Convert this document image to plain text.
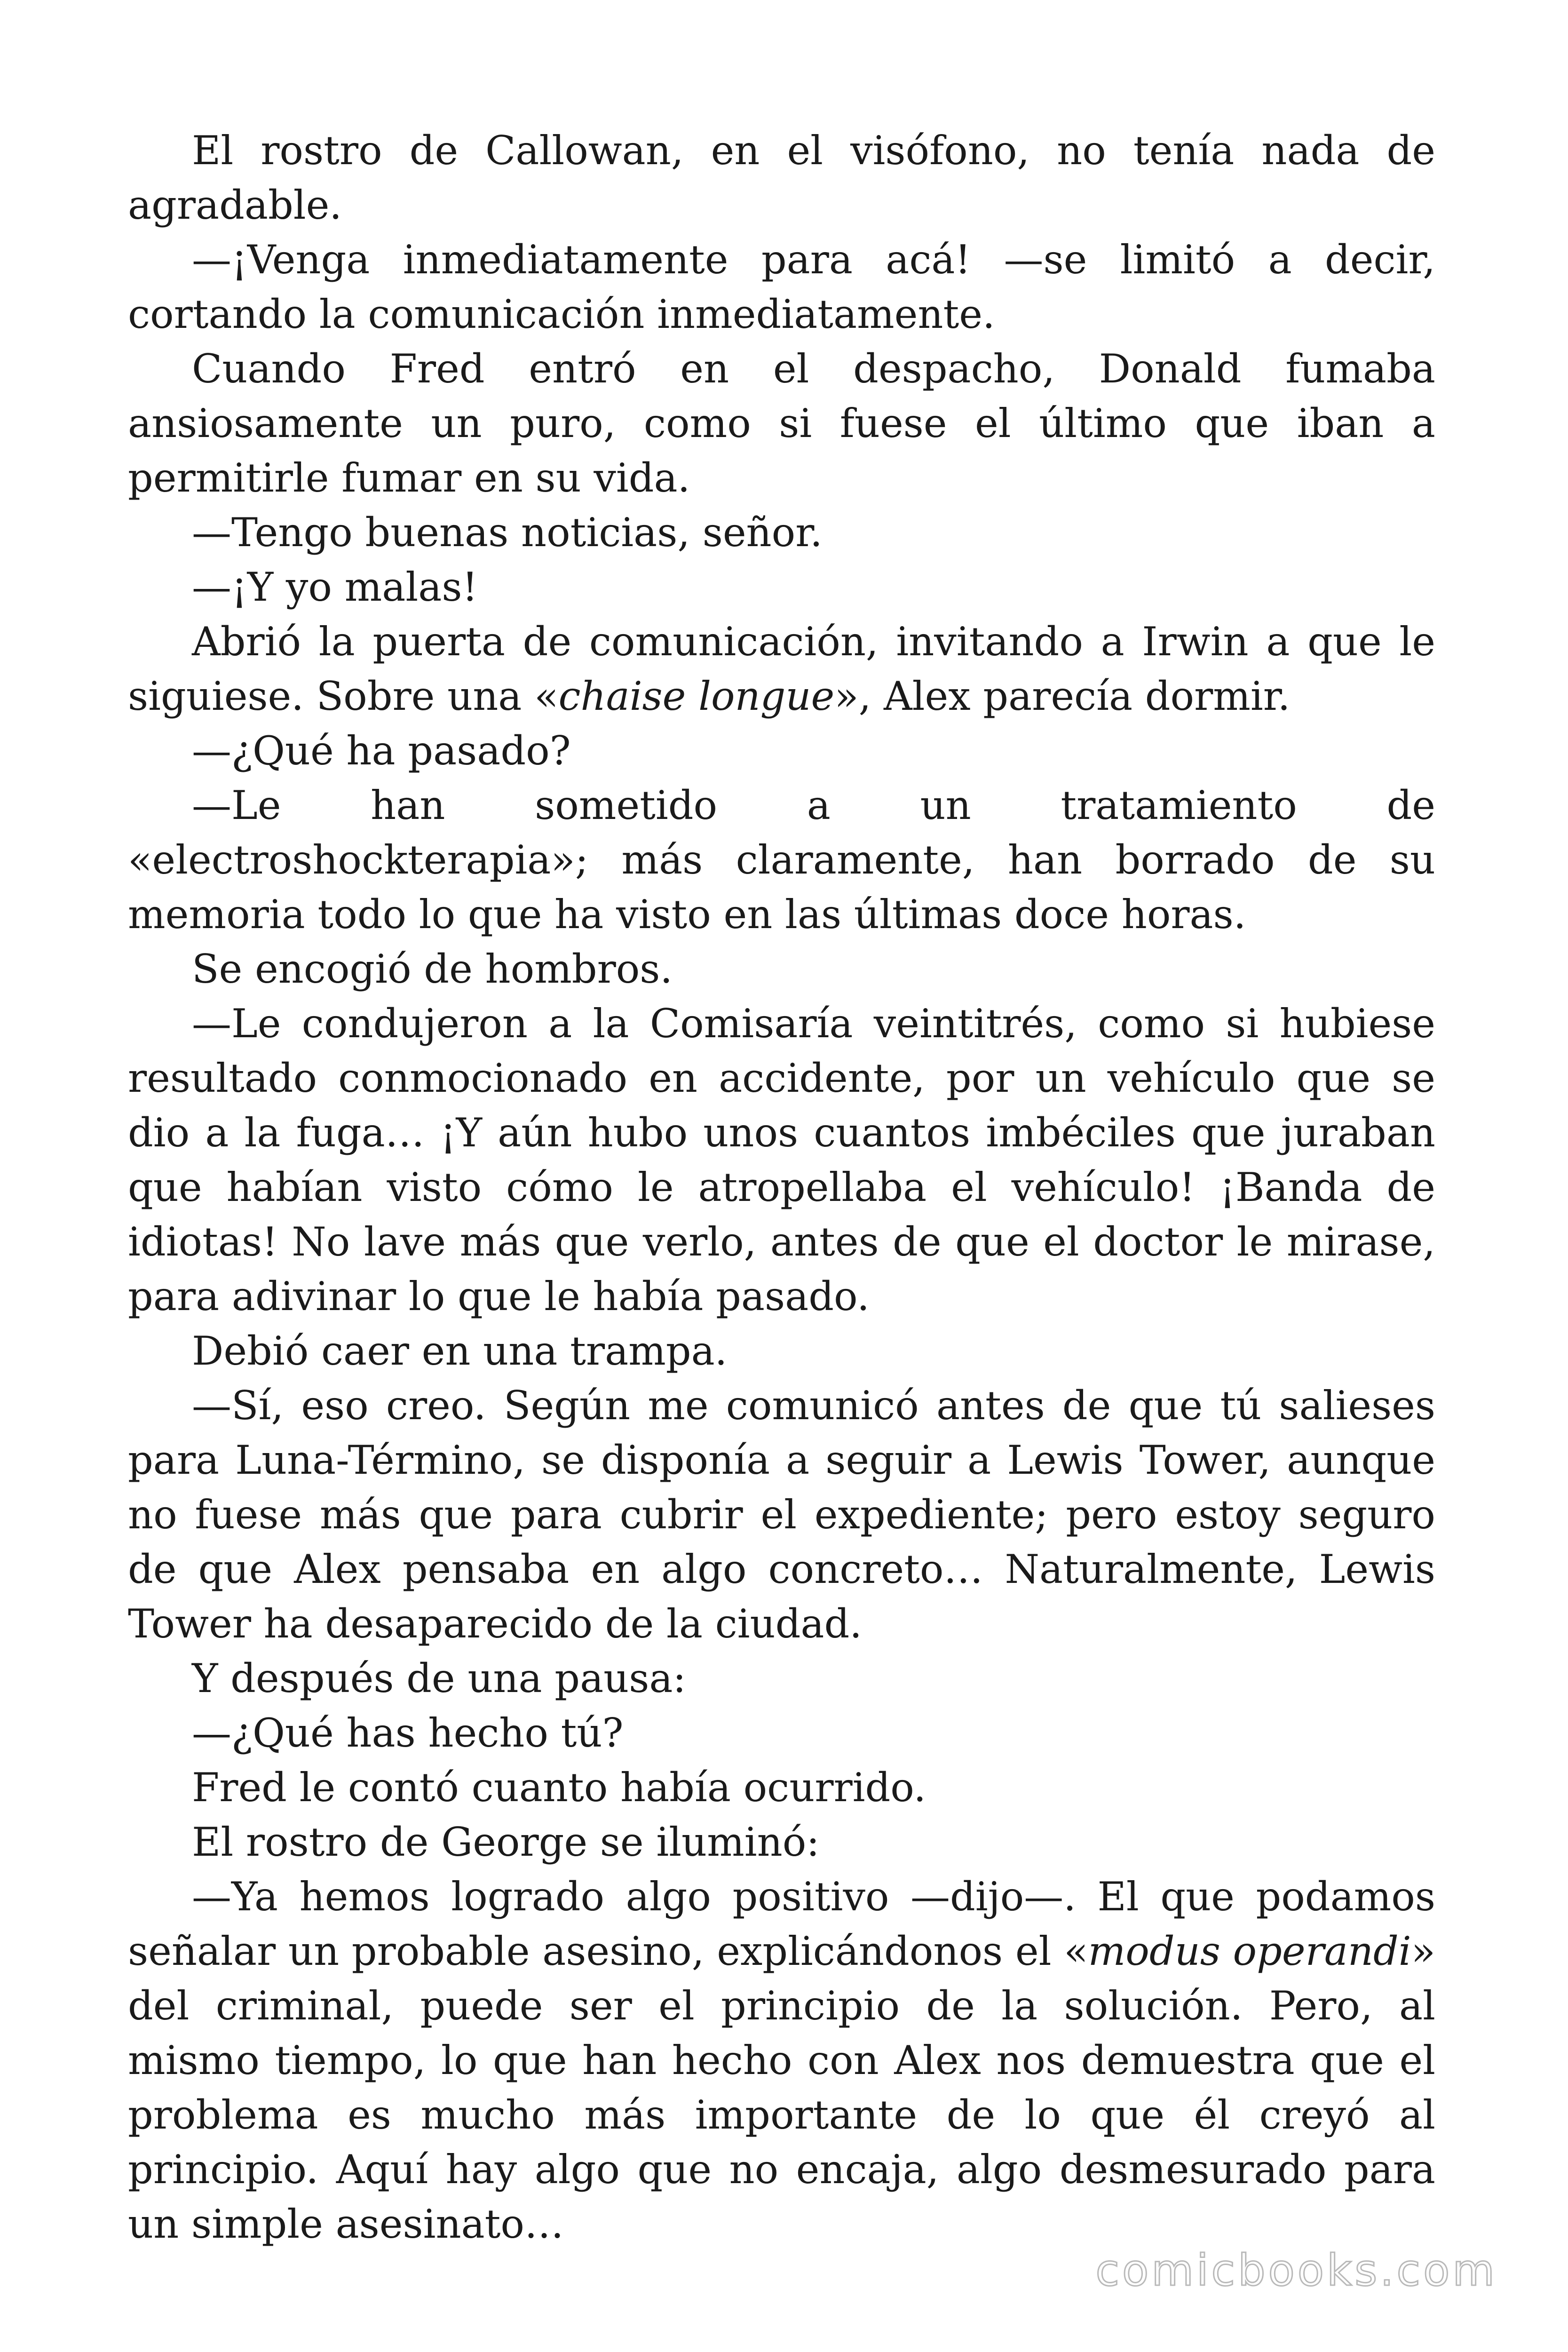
El rostro de Callowan, en el visófono, no tenía nada de agradable.

—¡Venga inmediatamente para acá! —se limitó a decir, cortando la comunicación inmediatamente.

Cuando Fred entró en el despacho, Donald fumaba ansiosamente un puro, como si fuese el último que iban a permitirle fumar en su vida.

—Tengo buenas noticias, señor.

—¡Y yo malas!

Abrió la puerta de comunicación, invitando a Irwin a que le siguiese. Sobre una «chaise longue», Alex parecía dormir.

—¿Qué ha pasado?

—Le han sometido a un tratamiento de «electroshockterapia»; más claramente, han borrado de su memoria todo lo que ha visto en las últimas doce horas.

Se encogió de hombros.

—Le condujeron a la Comisaría veintitrés, como si hubiese resultado conmocionado en accidente, por un vehículo que se dio a la fuga… ¡Y aún hubo unos cuantos imbéciles que juraban que habían visto cómo le atropellaba el vehículo! ¡Banda de idiotas! No lave más que verlo, antes de que el doctor le mirase, para adivinar lo que le había pasado.

Debió caer en una trampa.

—Sí, eso creo. Según me comunicó antes de que tú salieses para Luna-Término, se disponía a seguir a Lewis Tower, aunque no fuese más que para cubrir el expediente; pero estoy seguro de que Alex pensaba en algo concreto… Naturalmente, Lewis Tower ha desaparecido de la ciudad.

Y después de una pausa:

—¿Qué has hecho tú?

Fred le contó cuanto había ocurrido.

El rostro de George se iluminó:

—Ya hemos logrado algo positivo —dijo—. El que podamos señalar un probable asesino, explicándonos el «modus operandi» del criminal, puede ser el principio de la solución. Pero, al mismo tiempo, lo que han hecho con Alex nos demuestra que el problema es mucho más importante de lo que él creyó al principio. Aquí hay algo que no encaja, algo desmesurado para un simple asesinato…

comicbooks.com
